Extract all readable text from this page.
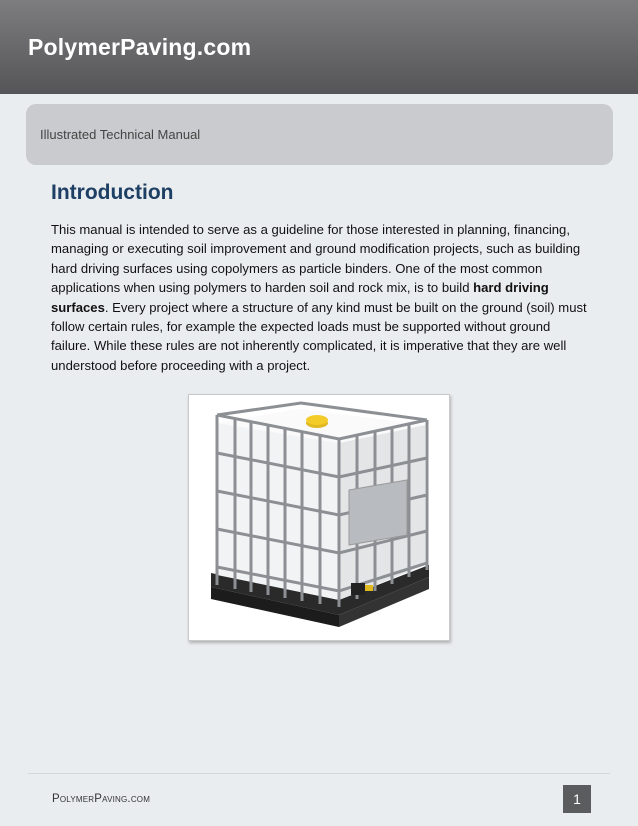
PolymerPaving.com
Illustrated Technical Manual
Introduction

This manual is intended to serve as a guideline for those interested in planning, financing, managing or executing soil improvement and ground modification projects, such as building hard driving surfaces using copolymers as particle binders. One of the most common applications when using polymers to harden soil and rock mix, is to build hard driving surfaces. Every project where a structure of any kind must be built on the ground (soil) must follow certain rules, for example the expected loads must be supported without ground failure. While these rules are not inherently complicated, it is imperative that they are well understood before proceeding with a project.

PolymerPaving.com	1
